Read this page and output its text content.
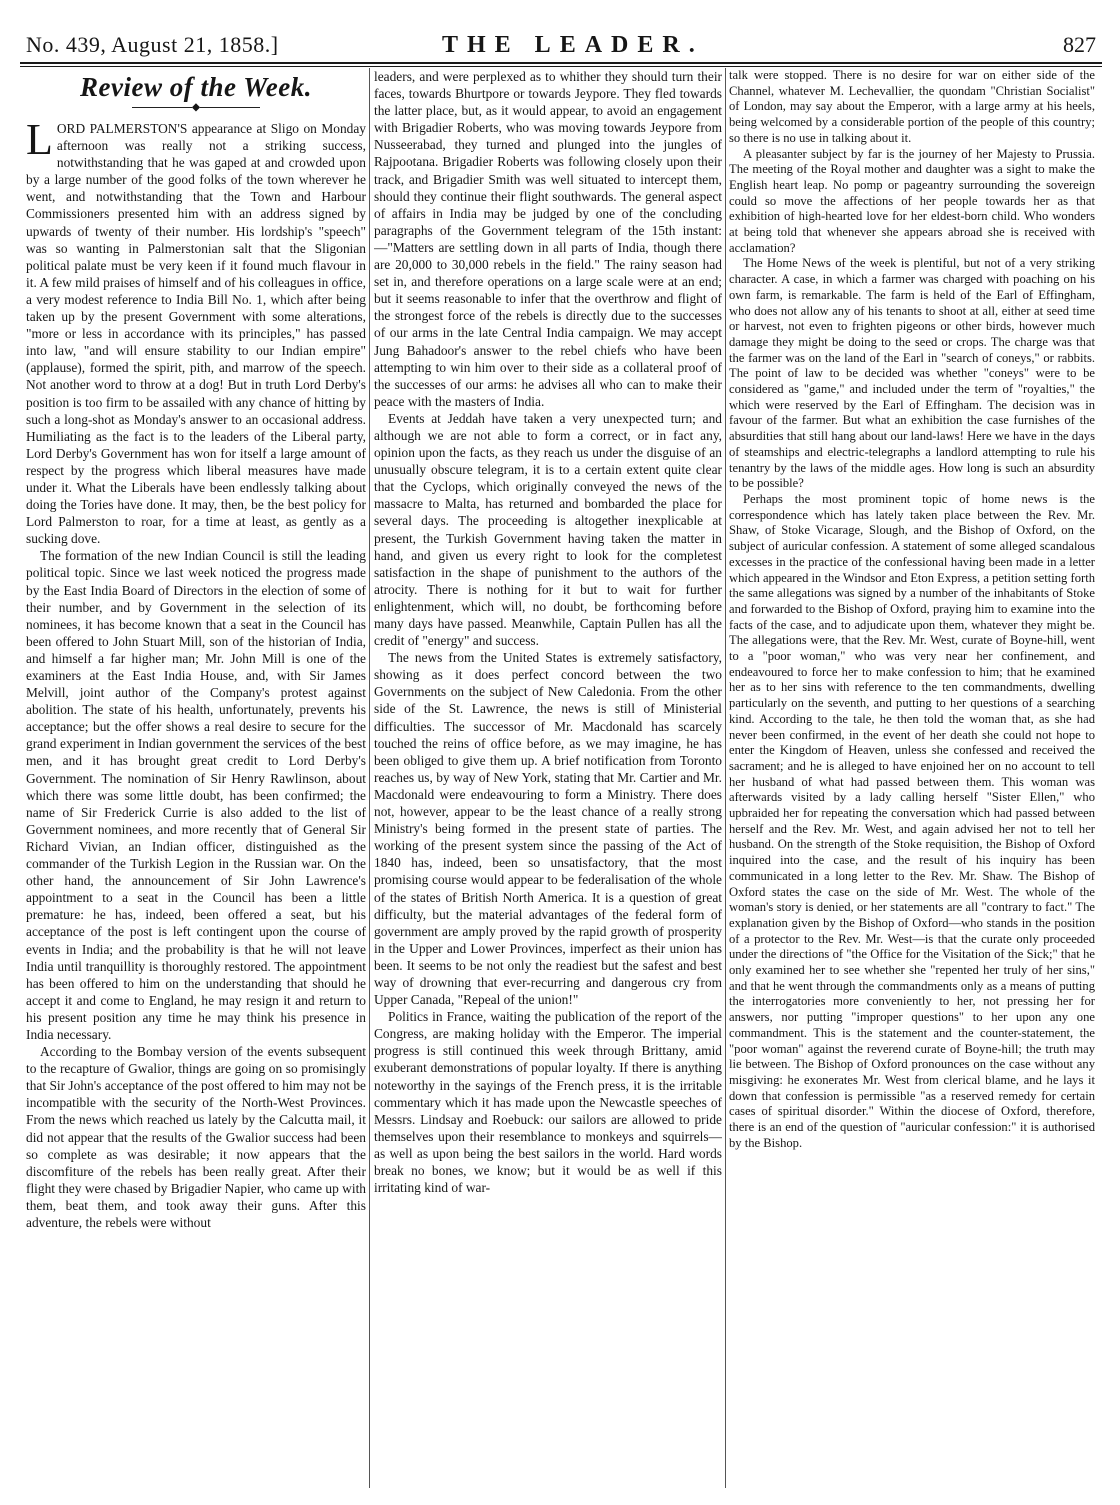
No. 439, August 21, 1858.]	THE LEADER.	827
Review of the Week.
◆

LORD PALMERSTON'S appearance at Sligo on Monday afternoon was really not a striking success, notwithstanding that he was gaped at and crowded upon by a large number of the good folks of the town wherever he went, and notwithstanding that the Town and Harbour Commissioners presented him with an address signed by upwards of twenty of their number. His lordship's "speech" was so wanting in Palmerstonian salt that the Sligonian political palate must be very keen if it found much flavour in it. A few mild praises of himself and of his colleagues in office, a very modest reference to India Bill No. 1, which after being taken up by the present Government with some alterations, "more or less in accordance with its principles," has passed into law, "and will ensure stability to our Indian empire" (applause), formed the spirit, pith, and marrow of the speech. Not another word to throw at a dog! But in truth Lord Derby's position is too firm to be assailed with any chance of hitting by such a long-shot as Monday's answer to an occasional address. Humiliating as the fact is to the leaders of the Liberal party, Lord Derby's Government has won for itself a large amount of respect by the progress which liberal measures have made under it. What the Liberals have been endlessly talking about doing the Tories have done. It may, then, be the best policy for Lord Palmerston to roar, for a time at least, as gently as a sucking dove.

The formation of the new Indian Council is still the leading political topic. Since we last week noticed the progress made by the East India Board of Directors in the election of some of their number, and by Government in the selection of its nominees, it has become known that a seat in the Council has been offered to John Stuart Mill, son of the historian of India, and himself a far higher man; Mr. John Mill is one of the examiners at the East India House, and, with Sir James Melvill, joint author of the Company's protest against abolition. The state of his health, unfortunately, prevents his acceptance; but the offer shows a real desire to secure for the grand experiment in Indian government the services of the best men, and it has brought great credit to Lord Derby's Government. The nomination of Sir Henry Rawlinson, about which there was some little doubt, has been confirmed; the name of Sir Frederick Currie is also added to the list of Government nominees, and more recently that of General Sir Richard Vivian, an Indian officer, distinguished as the commander of the Turkish Legion in the Russian war. On the other hand, the announcement of Sir John Lawrence's appointment to a seat in the Council has been a little premature: he has, indeed, been offered a seat, but his acceptance of the post is left contingent upon the course of events in India; and the probability is that he will not leave India until tranquillity is thoroughly restored. The appointment has been offered to him on the understanding that should he accept it and come to England, he may resign it and return to his present position any time he may think his presence in India necessary.

According to the Bombay version of the events subsequent to the recapture of Gwalior, things are going on so promisingly that Sir John's acceptance of the post offered to him may not be incompatible with the security of the North-West Provinces. From the news which reached us lately by the Calcutta mail, it did not appear that the results of the Gwalior success had been so complete as was desirable; it now appears that the discomfiture of the rebels has been really great. After their flight they were chased by Brigadier Napier, who came up with them, beat them, and took away their guns. After this adventure, the rebels were without

leaders, and were perplexed as to whither they should turn their faces, towards Bhurtpore or towards Jeypore. They fled towards the latter place, but, as it would appear, to avoid an engagement with Brigadier Roberts, who was moving towards Jeypore from Nusseerabad, they turned and plunged into the jungles of Rajpootana. Brigadier Roberts was following closely upon their track, and Brigadier Smith was well situated to intercept them, should they continue their flight southwards. The general aspect of affairs in India may be judged by one of the concluding paragraphs of the Government telegram of the 15th instant:—"Matters are settling down in all parts of India, though there are 20,000 to 30,000 rebels in the field." The rainy season had set in, and therefore operations on a large scale were at an end; but it seems reasonable to infer that the overthrow and flight of the strongest force of the rebels is directly due to the successes of our arms in the late Central India campaign. We may accept Jung Bahadoor's answer to the rebel chiefs who have been attempting to win him over to their side as a collateral proof of the successes of our arms: he advises all who can to make their peace with the masters of India.

Events at Jeddah have taken a very unexpected turn; and although we are not able to form a correct, or in fact any, opinion upon the facts, as they reach us under the disguise of an unusually obscure telegram, it is to a certain extent quite clear that the Cyclops, which originally conveyed the news of the massacre to Malta, has returned and bombarded the place for several days. The proceeding is altogether inexplicable at present, the Turkish Government having taken the matter in hand, and given us every right to look for the completest satisfaction in the shape of punishment to the authors of the atrocity. There is nothing for it but to wait for further enlightenment, which will, no doubt, be forthcoming before many days have passed. Meanwhile, Captain Pullen has all the credit of "energy" and success.

The news from the United States is extremely satisfactory, showing as it does perfect concord between the two Governments on the subject of New Caledonia. From the other side of the St. Lawrence, the news is still of Ministerial difficulties. The successor of Mr. Macdonald has scarcely touched the reins of office before, as we may imagine, he has been obliged to give them up. A brief notification from Toronto reaches us, by way of New York, stating that Mr. Cartier and Mr. Macdonald were endeavouring to form a Ministry. There does not, however, appear to be the least chance of a really strong Ministry's being formed in the present state of parties. The working of the present system since the passing of the Act of 1840 has, indeed, been so unsatisfactory, that the most promising course would appear to be federalisation of the whole of the states of British North America. It is a question of great difficulty, but the material advantages of the federal form of government are amply proved by the rapid growth of prosperity in the Upper and Lower Provinces, imperfect as their union has been. It seems to be not only the readiest but the safest and best way of drowning that ever-recurring and dangerous cry from Upper Canada, "Repeal of the union!"

Politics in France, waiting the publication of the report of the Congress, are making holiday with the Emperor. The imperial progress is still continued this week through Brittany, amid exuberant demonstrations of popular loyalty. If there is anything noteworthy in the sayings of the French press, it is the irritable commentary which it has made upon the Newcastle speeches of Messrs. Lindsay and Roebuck: our sailors are allowed to pride themselves upon their resemblance to monkeys and squirrels—as well as upon being the best sailors in the world. Hard words break no bones, we know; but it would be as well if this irritating kind of war-

talk were stopped. There is no desire for war on either side of the Channel, whatever M. Lechevallier, the quondam "Christian Socialist" of London, may say about the Emperor, with a large army at his heels, being welcomed by a considerable portion of the people of this country; so there is no use in talking about it.

A pleasanter subject by far is the journey of her Majesty to Prussia. The meeting of the Royal mother and daughter was a sight to make the English heart leap. No pomp or pageantry surrounding the sovereign could so move the affections of her people towards her as that exhibition of high-hearted love for her eldest-born child. Who wonders at being told that whenever she appears abroad she is received with acclamation?

The Home News of the week is plentiful, but not of a very striking character. A case, in which a farmer was charged with poaching on his own farm, is remarkable. The farm is held of the Earl of Effingham, who does not allow any of his tenants to shoot at all, either at seed time or harvest, not even to frighten pigeons or other birds, however much damage they might be doing to the seed or crops. The charge was that the farmer was on the land of the Earl in "search of coneys," or rabbits. The point of law to be decided was whether "coneys" were to be considered as "game," and included under the term of "royalties," the which were reserved by the Earl of Effingham. The decision was in favour of the farmer. But what an exhibition the case furnishes of the absurdities that still hang about our land-laws! Here we have in the days of steamships and electric-telegraphs a landlord attempting to rule his tenantry by the laws of the middle ages. How long is such an absurdity to be possible?

Perhaps the most prominent topic of home news is the correspondence which has lately taken place between the Rev. Mr. Shaw, of Stoke Vicarage, Slough, and the Bishop of Oxford, on the subject of auricular confession. A statement of some alleged scandalous excesses in the practice of the confessional having been made in a letter which appeared in the Windsor and Eton Express, a petition setting forth the same allegations was signed by a number of the inhabitants of Stoke and forwarded to the Bishop of Oxford, praying him to examine into the facts of the case, and to adjudicate upon them, whatever they might be. The allegations were, that the Rev. Mr. West, curate of Boyne-hill, went to a "poor woman," who was very near her confinement, and endeavoured to force her to make confession to him; that he examined her as to her sins with reference to the ten commandments, dwelling particularly on the seventh, and putting to her questions of a searching kind. According to the tale, he then told the woman that, as she had never been confirmed, in the event of her death she could not hope to enter the Kingdom of Heaven, unless she confessed and received the sacrament; and he is alleged to have enjoined her on no account to tell her husband of what had passed between them. This woman was afterwards visited by a lady calling herself "Sister Ellen," who upbraided her for repeating the conversation which had passed between herself and the Rev. Mr. West, and again advised her not to tell her husband. On the strength of the Stoke requisition, the Bishop of Oxford inquired into the case, and the result of his inquiry has been communicated in a long letter to the Rev. Mr. Shaw. The Bishop of Oxford states the case on the side of Mr. West. The whole of the woman's story is denied, or her statements are all "contrary to fact." The explanation given by the Bishop of Oxford—who stands in the position of a protector to the Rev. Mr. West—is that the curate only proceeded under the directions of "the Office for the Visitation of the Sick;" that he only examined her to see whether she "repented her truly of her sins," and that he went through the commandments only as a means of putting the interrogatories more conveniently to her, not pressing her for answers, nor putting "improper questions" to her upon any one commandment. This is the statement and the counter-statement, the "poor woman" against the reverend curate of Boyne-hill; the truth may lie between. The Bishop of Oxford pronounces on the case without any misgiving: he exonerates Mr. West from clerical blame, and he lays it down that confession is permissible "as a reserved remedy for certain cases of spiritual disorder." Within the diocese of Oxford, therefore, there is an end of the question of "auricular confession:" it is authorised by the Bishop.
